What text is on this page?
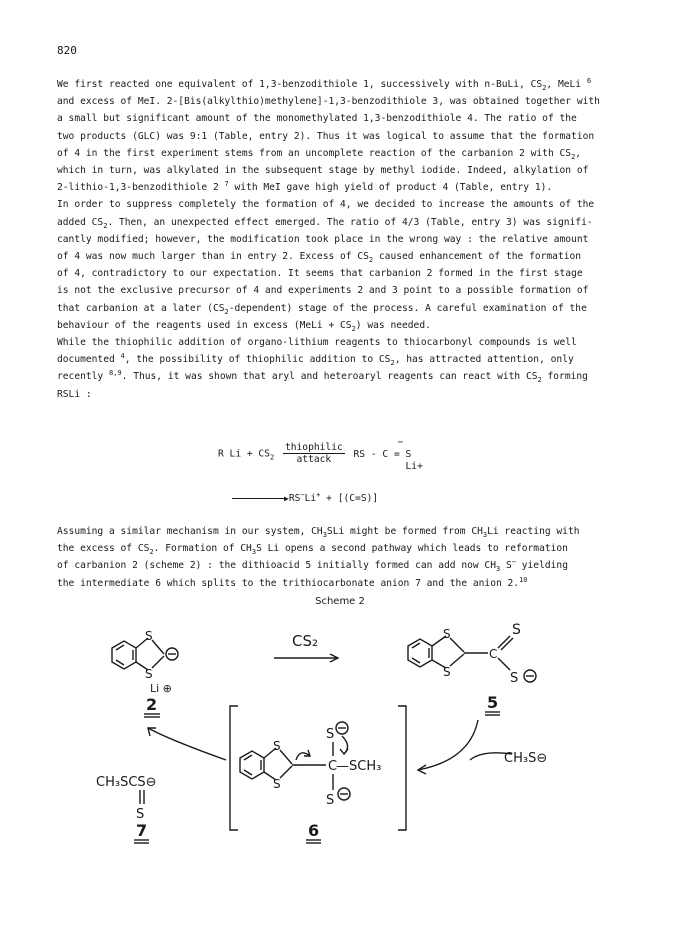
820

We first reacted one equivalent of 1,3-benzodithiole 1, successively with n-BuLi, $CS_2$, MeLi $^6$
and excess of MeI. 2-[Bis(alkylthio)methylene]-1,3-benzodithiole 3, was obtained together with
a small but significant amount of the monomethylated 1,3-benzodithiole 4. The ratio of the
two products (GLC) was 9:1 (Table, entry 2). Thus it was logical to assume that the formation
of 4 in the first experiment stems from an uncomplete reaction of the carbanion 2 with $CS_2$,
which in turn, was alkylated in the subsequent stage by methyl iodide. Indeed, alkylation of
2-lithio-1,3-benzodithiole 2 $^7$ with MeI gave high yield of product 4 (Table, entry 1).

In order to suppress completely the formation of 4, we decided to increase the amounts of the
added $CS_2$. Then, an unexpected effect emerged. The ratio of 4/3 (Table, entry 3) was signifi-
cantly modified; however, the modification took place in the wrong way : the relative amount
of 4 was now much larger than in entry 2. Excess of $CS_2$ caused enhancement of the formation
of 4, contradictory to our expectation. It seems that carbanion 2 formed in the first stage
is not the exclusive precursor of 4 and experiments 2 and 3 point to a possible formation of
that carbanion at a later $(CS_2-dependent)$ stage of the process. A careful examination of the
behaviour of the reagents used in excess (MeLi + $CS_2$) was needed.

While the thiophilic addition of organo-lithium reagents to thiocarbonyl compounds is well
documented $^4$, the possibility of thiophilic addition to $CS_2$, has attracted attention, only
recently $^{8,9}$. Thus, it was shown that aryl and heteroaryl reagents can react with $CS_2$ forming
RSLi :

R $Li + CS_2 \frac{\text{thiophilic}}{\text{attack}}$ RS - C = S
−
Li+
▶RS−Li+ + [(C=S)]

Assuming a similar mechanism in our system, $CH_3SLi$ might be formed from $CH_3Li$ reacting with
the excess of $CS_2$. Formation of $CH_3S$ Li opens a second pathway which leads to reformation
of carbanion 2 (scheme 2) : the dithioacid 5 initially formed can add now $CH_3$ S− yielding
the intermediate 6 which splits to the trithiocarbonate anion 7 and the anion 2.10

Scheme 2
S
S
Li ⊕
2
CS₂	S
S
C
S
S
5
CH₃S⊖
S
S
C
—SCH₃
S
S
6
CH₃SCS⊖
S
7
